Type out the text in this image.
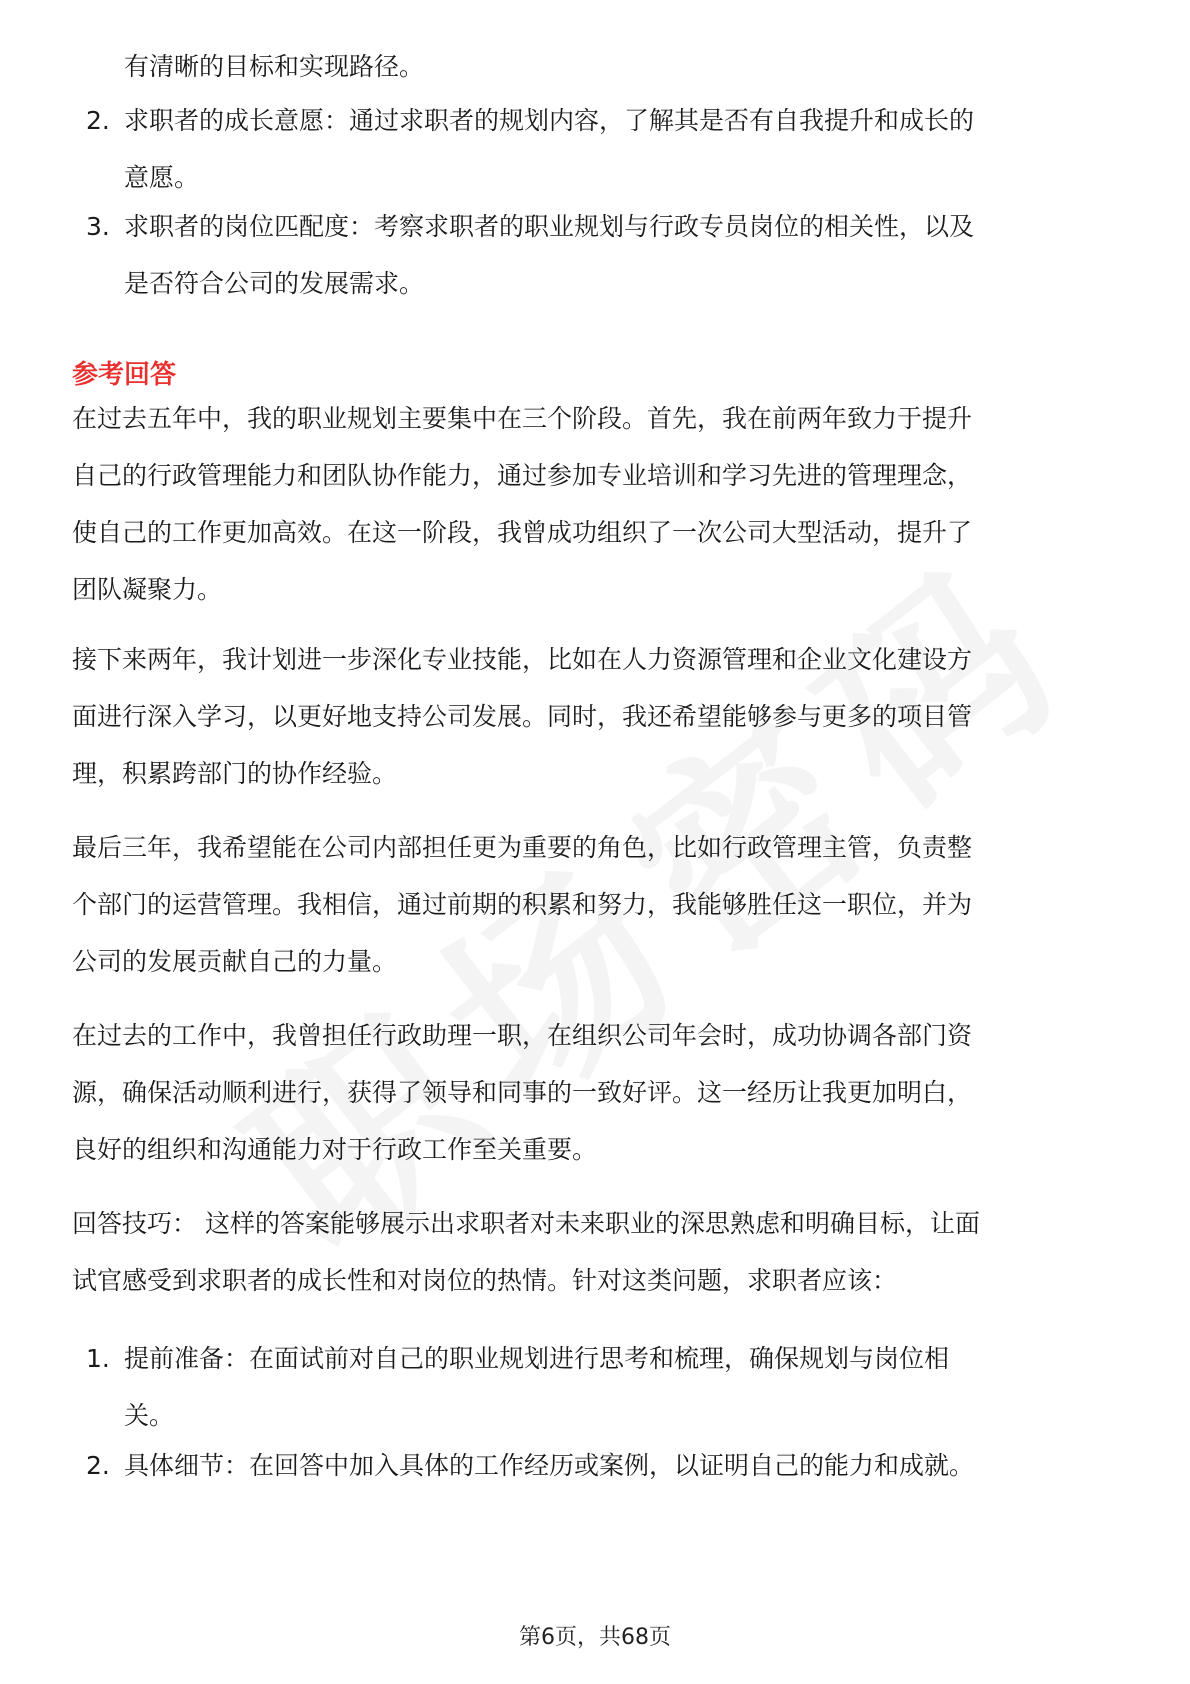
有清晰的目标和实现路径。
2. 求职者的成长意愿：通过求职者的规划内容，了解其是否有自我提升和成长的
意愿。
3. 求职者的岗位匹配度：考察求职者的职业规划与行政专员岗位的相关性，以及
是否符合公司的发展需求。
参考回答
在过去五年中，我的职业规划主要集中在三个阶段。首先，我在前两年致力于提升
自己的行政管理能力和团队协作能力，通过参加专业培训和学习先进的管理理念，
使自己的工作更加高效。在这一阶段，我曾成功组织了一次公司大型活动，提升了
团队凝聚力。
接下来两年，我计划进一步深化专业技能，比如在人力资源管理和企业文化建设方
面进行深入学习，以更好地支持公司发展。同时，我还希望能够参与更多的项目管
理，积累跨部门的协作经验。
最后三年，我希望能在公司内部担任更为重要的角色，比如行政管理主管，负责整
个部门的运营管理。我相信，通过前期的积累和努力，我能够胜任这一职位，并为
公司的发展贡献自己的力量。
在过去的工作中，我曾担任行政助理一职，在组织公司年会时，成功协调各部门资
源，确保活动顺利进行，获得了领导和同事的一致好评。这一经历让我更加明白，
良好的组织和沟通能力对于行政工作至关重要。
回答技巧： 这样的答案能够展示出求职者对未来职业的深思熟虑和明确目标，让面
试官感受到求职者的成长性和对岗位的热情。针对这类问题，求职者应该：
1. 提前准备：在面试前对自己的职业规划进行思考和梳理，确保规划与岗位相
关。
2. 具体细节：在回答中加入具体的工作经历或案例，以证明自己的能力和成就。
第6页，共68页
